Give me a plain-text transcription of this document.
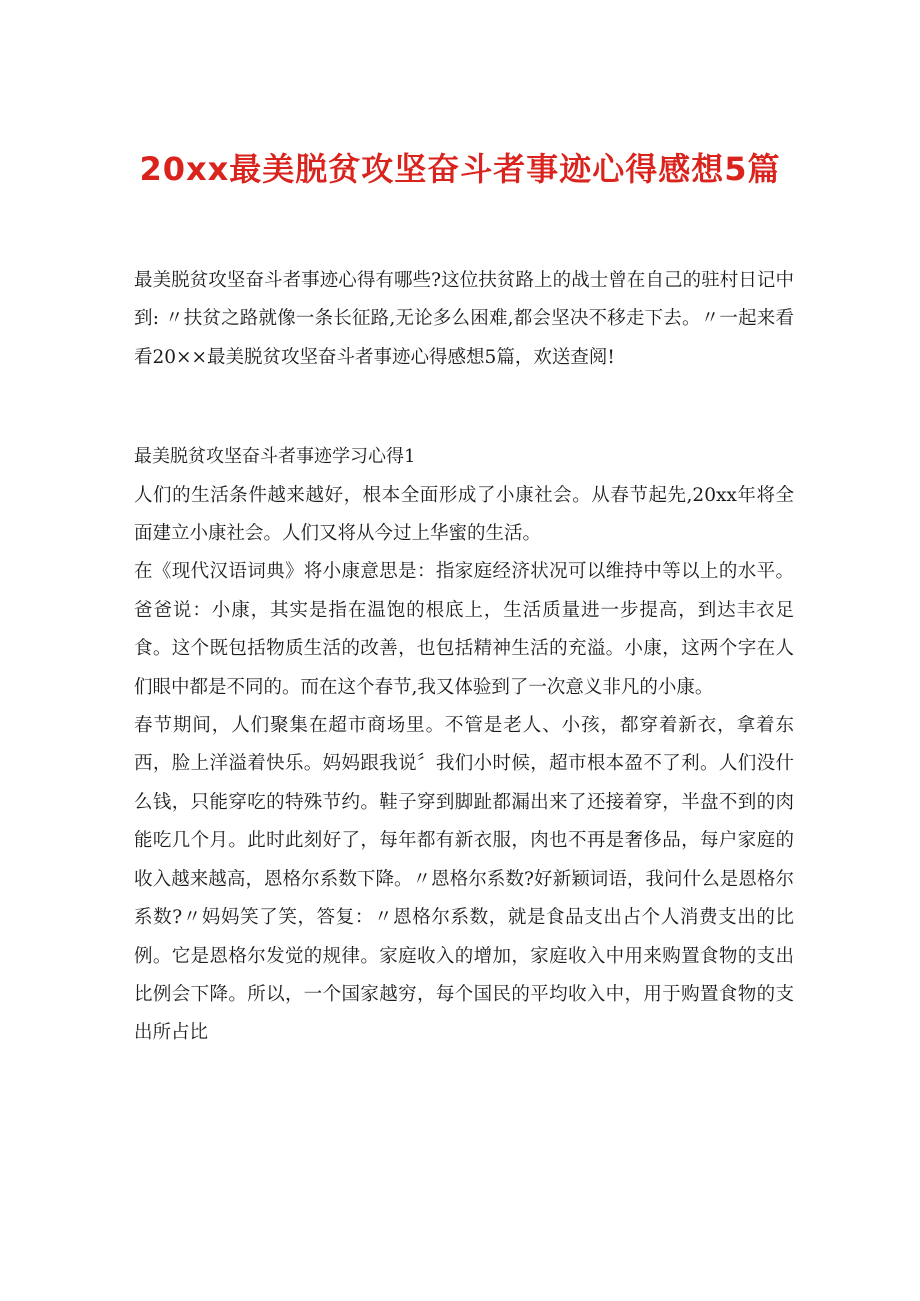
20xx最美脱贫攻坚奋斗者事迹心得感想5篇

最美脱贫攻坚奋斗者事迹心得有哪些?这位扶贫路上的战士曾在自己的驻村日记中到: 〃扶贫之路就像一条长征路,无论多么困难,都会坚决不移走下去。〃一起来看看20××最美脱贫攻坚奋斗者事迹心得感想5篇，欢送查阅!

最美脱贫攻坚奋斗者事迹学习心得1

人们的生活条件越来越好，根本全面形成了小康社会。从春节起先,20xx年将全面建立小康社会。人们又将从今过上华蜜的生活。

在《现代汉语词典》将小康意思是：指家庭经济状况可以维持中等以上的水平。爸爸说：小康，其实是指在温饱的根底上，生活质量进一步提高，到达丰衣足食。这个既包括物质生活的改善，也包括精神生活的充溢。小康，这两个字在人们眼中都是不同的。而在这个春节,我又体验到了一次意义非凡的小康。

春节期间，人们聚集在超市商场里。不管是老人、小孩，都穿着新衣，拿着东西，脸上洋溢着快乐。妈妈跟我说〞我们小时候，超市根本盈不了利。人们没什么钱，只能穿吃的特殊节约。鞋子穿到脚趾都漏出来了还接着穿，半盘不到的肉能吃几个月。此时此刻好了，每年都有新衣服，肉也不再是奢侈品，每户家庭的收入越来越高，恩格尔系数下降。〃恩格尔系数?好新颖词语，我问什么是恩格尔系数?〃妈妈笑了笑，答复：〃恩格尔系数，就是食品支出占个人消费支出的比例。它是恩格尔发觉的规律。家庭收入的增加，家庭收入中用来购置食物的支出比例会下降。所以，一个国家越穷，每个国民的平均收入中，用于购置食物的支出所占比
